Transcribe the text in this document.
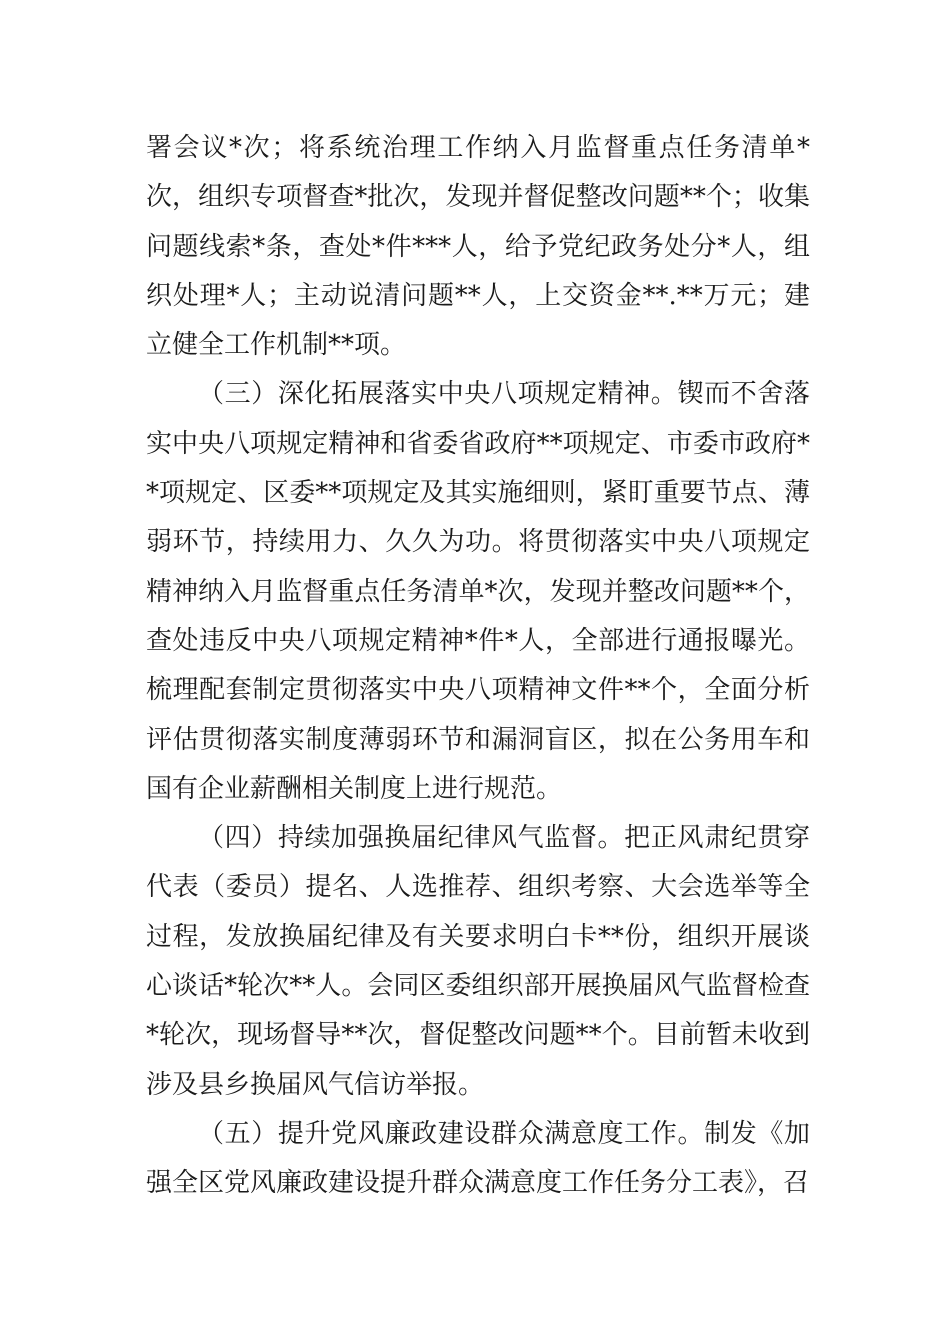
署会议*次；将系统治理工作纳入月监督重点任务清单*次，组织专项督查*批次，发现并督促整改问题**个；收集问题线索*条，查处*件***人，给予党纪政务处分*人，组织处理*人；主动说清问题**人，上交资金**.**万元；建立健全工作机制**项。

（三）深化拓展落实中央八项规定精神。锲而不舍落实中央八项规定精神和省委省政府**项规定、市委市政府**项规定、区委**项规定及其实施细则，紧盯重要节点、薄弱环节，持续用力、久久为功。将贯彻落实中央八项规定精神纳入月监督重点任务清单*次，发现并整改问题**个，查处违反中央八项规定精神*件*人，全部进行通报曝光。梳理配套制定贯彻落实中央八项精神文件**个，全面分析评估贯彻落实制度薄弱环节和漏洞盲区，拟在公务用车和国有企业薪酬相关制度上进行规范。

（四）持续加强换届纪律风气监督。把正风肃纪贯穿代表（委员）提名、人选推荐、组织考察、大会选举等全过程，发放换届纪律及有关要求明白卡**份，组织开展谈心谈话*轮次**人。会同区委组织部开展换届风气监督检查*轮次，现场督导**次，督促整改问题**个。目前暂未收到涉及县乡换届风气信访举报。

（五）提升党风廉政建设群众满意度工作。制发《加强全区党风廉政建设提升群众满意度工作任务分工表》，召
